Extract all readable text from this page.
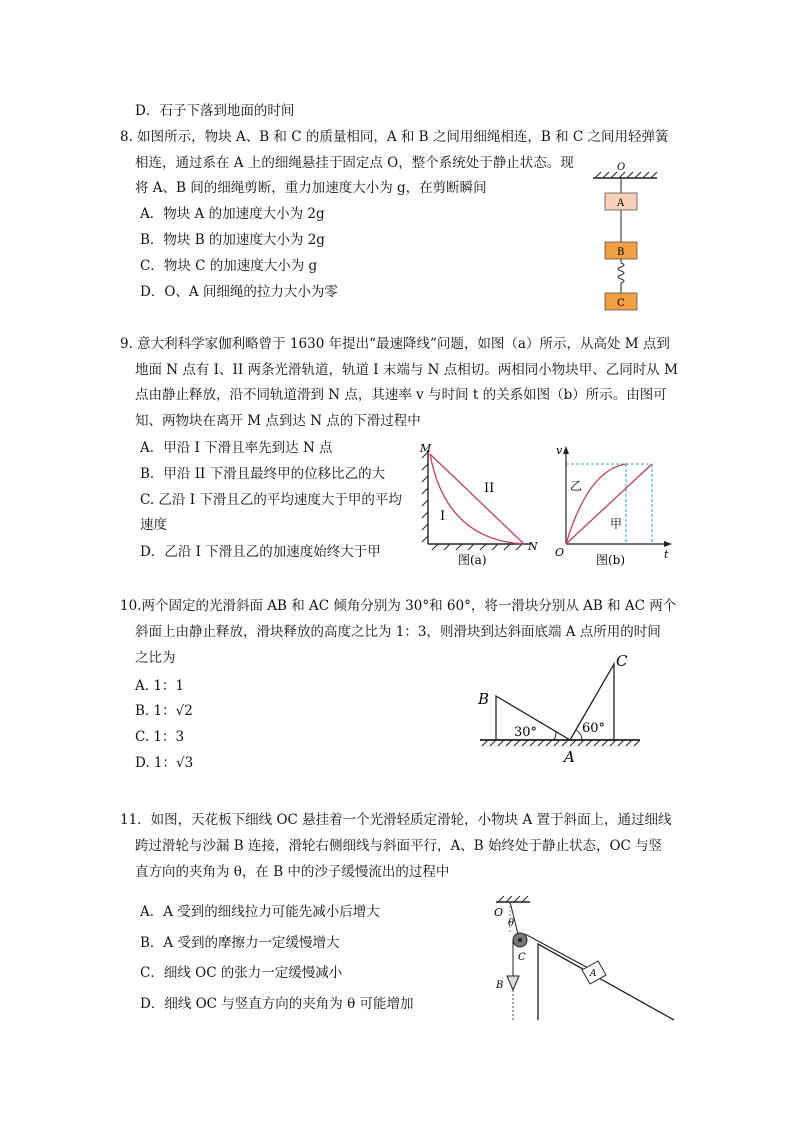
D．石子下落到地面的时间
8. 如图所示，物块 A、B 和 C 的质量相同，A 和 B 之间用细绳相连，B 和 C 之间用轻弹簧
相连，通过系在 A 上的细绳悬挂于固定点 O，整个系统处于静止状态。现
将 A、B 间的细绳剪断，重力加速度大小为 g，在剪断瞬间
A．物块 A 的加速度大小为 2g
B．物块 B 的加速度大小为 2g
C．物块 C 的加速度大小为 g
D．O、A 间细绳的拉力大小为零
O
A
B
C
9. 意大利科学家伽利略曾于 1630 年提出“最速降线”问题，如图（a）所示，从高处 M 点到
地面 N 点有 I、II 两条光滑轨道，轨道 I 末端与 N 点相切。两相同小物块甲、乙同时从 M
点由静止释放，沿不同轨道滑到 N 点，其速率 v 与时间 t 的关系如图（b）所示。由图可
知、两物块在离开 M 点到达 N 点的下滑过程中
A．甲沿 I 下滑且率先到达 N 点
B．甲沿 II 下滑且最终甲的位移比乙的大
C. 乙沿 I 下滑且乙的平均速度大于甲的平均
速度
D．乙沿 I 下滑且乙的加速度始终大于甲
M
N
I
II
图(a)
v
t
O
乙
甲
图(b)
10.两个固定的光滑斜面 AB 和 AC 倾角分别为 30°和 60°，将一滑块分别从 AB 和 AC 两个
斜面上由静止释放，滑块释放的高度之比为 1：3，则滑块到达斜面底端 A 点所用的时间
之比为
A. 1：1
B. 1：√2
C. 1：3
D. 1：√3
B
C
A
30°	60°
11．如图，天花板下细线 OC 悬挂着一个光滑轻质定滑轮，小物块 A 置于斜面上，通过细线
跨过滑轮与沙漏 B 连接，滑轮右侧细线与斜面平行，A、B 始终处于静止状态，OC 与竖
直方向的夹角为 θ，在 B 中的沙子缓慢流出的过程中
A．A 受到的细线拉力可能先减小后增大
B．A 受到的摩擦力一定缓慢增大
C．细线 OC 的张力一定缓慢减小
D．细线 OC 与竖直方向的夹角为 θ 可能增加
O
θ
C
B
A
